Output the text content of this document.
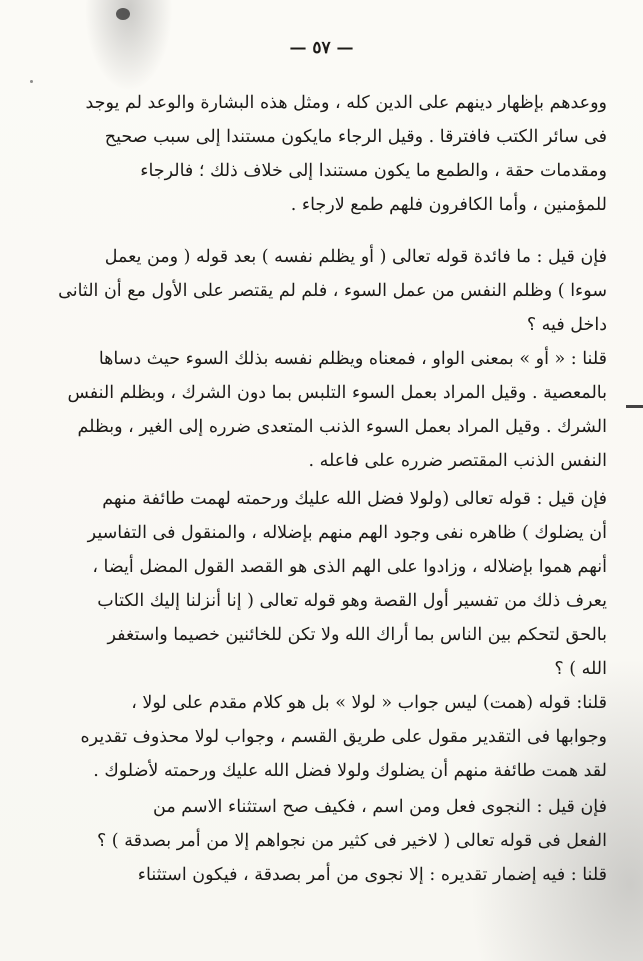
— ٥٧ —
ووعدهم بإظهار دينهم على الدين كله ، ومثل هذه البشارة والوعد لم يوجد
فى سائر الكتب فافترقا . وقيل الرجاء مايكون مستندا إلى سبب صحيح
ومقدمات حقة ، والطمع ما يكون مستندا إلى خلاف ذلك ؛ فالرجاء
للمؤمنين ، وأما الكافرون فلهم طمع لارجاء .
فإن قيل : ما فائدة قوله تعالى ( أو يظلم نفسه ) بعد قوله ( ومن يعمل
سوءا ) وظلم النفس من عمل السوء ، فلم لم يقتصر على الأول مع أن الثانى
داخل فيه ؟
قلنا : « أو » بمعنى الواو ، فمعناه ويظلم نفسه بذلك السوء حيث دساها
بالمعصية . وقيل المراد بعمل السوء التلبس بما دون الشرك ، وبظلم النفس
الشرك . وقيل المراد بعمل السوء الذنب المتعدى ضرره إلى الغير ، وبظلم
النفس الذنب المقتصر ضرره على فاعله .
فإن قيل : قوله تعالى (ولولا فضل الله عليك ورحمته لهمت طائفة منهم
أن يضلوك ) ظاهره نفى وجود الهم منهم بإضلاله ، والمنقول فى التفاسير
أنهم هموا بإضلاله ، وزادوا على الهم الذى هو القصد القول المضل أيضا ،
يعرف ذلك من تفسير أول القصة وهو قوله تعالى ( إنا أنزلنا إليك الكتاب
بالحق لتحكم بين الناس بما أراك الله ولا تكن للخائنين خصيما واستغفر
الله ) ؟
قلنا: قوله (همت) ليس جواب « لولا » بل هو كلام مقدم على لولا ،
وجوابها فى التقدير مقول على طريق القسم ، وجواب لولا محذوف تقديره
لقد همت طائفة منهم أن يضلوك ولولا فضل الله عليك ورحمته لأضلوك .
فإن قيل : النجوى فعل ومن اسم ، فكيف صح استثناء الاسم من
الفعل فى قوله تعالى ( لاخير فى كثير من نجواهم إلا من أمر بصدقة ) ؟
قلنا : فيه إضمار تقديره : إلا نجوى من أمر بصدقة ، فيكون استثناء
